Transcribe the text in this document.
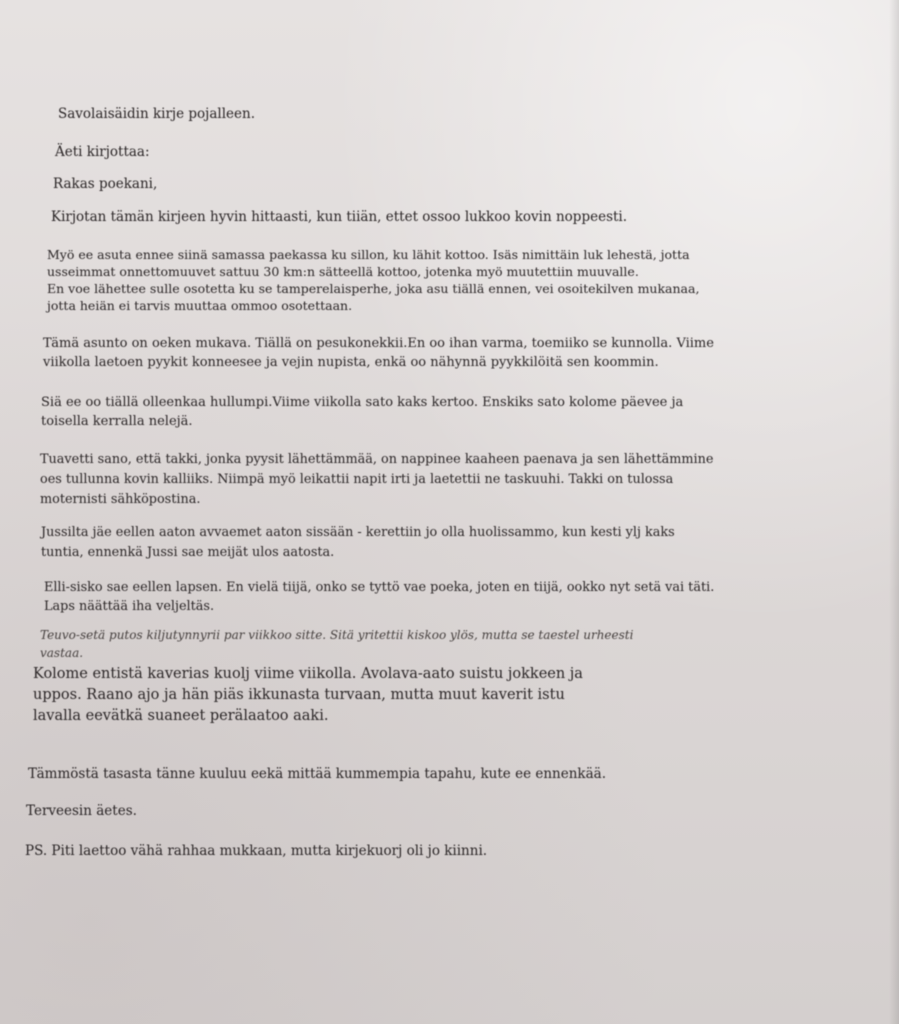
Savolaisäidin kirje pojalleen.

Äeti kirjottaa:

Rakas poekani,

Kirjotan tämän kirjeen hyvin hittaasti, kun tiiän, ettet ossoo lukkoo kovin noppeesti.

Myö ee asuta ennee siinä samassa paekassa ku sillon, ku lähit kottoo. Isäs nimittäin luk lehestä, jotta
usseimmat onnettomuuvet sattuu 30 km:n sätteellä kottoo, jotenka myö muutettiin muuvalle.
En voe lähettee sulle osotetta ku se tamperelaisperhe, joka asu tiällä ennen, vei osoitekilven mukanaa,
jotta heiän ei tarvis muuttaa ommoo osotettaan.
Tämä asunto on oeken mukava. Tiällä on pesukonekkii.En oo ihan varma, toemiiko se kunnolla. Viime
viikolla laetoen pyykit konneesee ja vejin nupista, enkä oo nähynnä pyykkilöitä sen koommin.
Siä ee oo tiällä olleenkaa hullumpi.Viime viikolla sato kaks kertoo. Enskiks sato kolome päevee ja
toisella kerralla nelejä.
Tuavetti sano, että takki, jonka pyysit lähettämmää, on nappinee kaaheen paenava ja sen lähettämmine
oes tullunna kovin kalliiks. Niimpä myö leikattii napit irti ja laetettii ne taskuuhi. Takki on tulossa
moternisti sähköpostina.
Jussilta jäe eellen aaton avvaemet aaton sissään - kerettiin jo olla huolissammo, kun kesti ylj kaks
tuntia, ennenkä Jussi sae meijät ulos aatosta.
Elli-sisko sae eellen lapsen. En vielä tiijä, onko se tyttö vae poeka, joten en tiijä, ookko nyt setä vai täti.
Laps näättää iha veljeltäs.
Teuvo-setä putos kiljutynnyrii par viikkoo sitte. Sitä yritettii kiskoo ylös, mutta se taestel urheesti
vastaa.
Kolome entistä kaverias kuolj viime viikolla. Avolava-aato suistu jokkeen ja
uppos. Raano ajo ja hän piäs ikkunasta turvaan, mutta muut kaverit istu
lavalla eevätkä suaneet perälaatoo aaki.

Tämmöstä tasasta tänne kuuluu eekä mittää kummempia tapahu, kute ee ennenkää.

Terveesin äetes.

PS. Piti laettoo vähä rahhaa mukkaan, mutta kirjekuorj oli jo kiinni.
